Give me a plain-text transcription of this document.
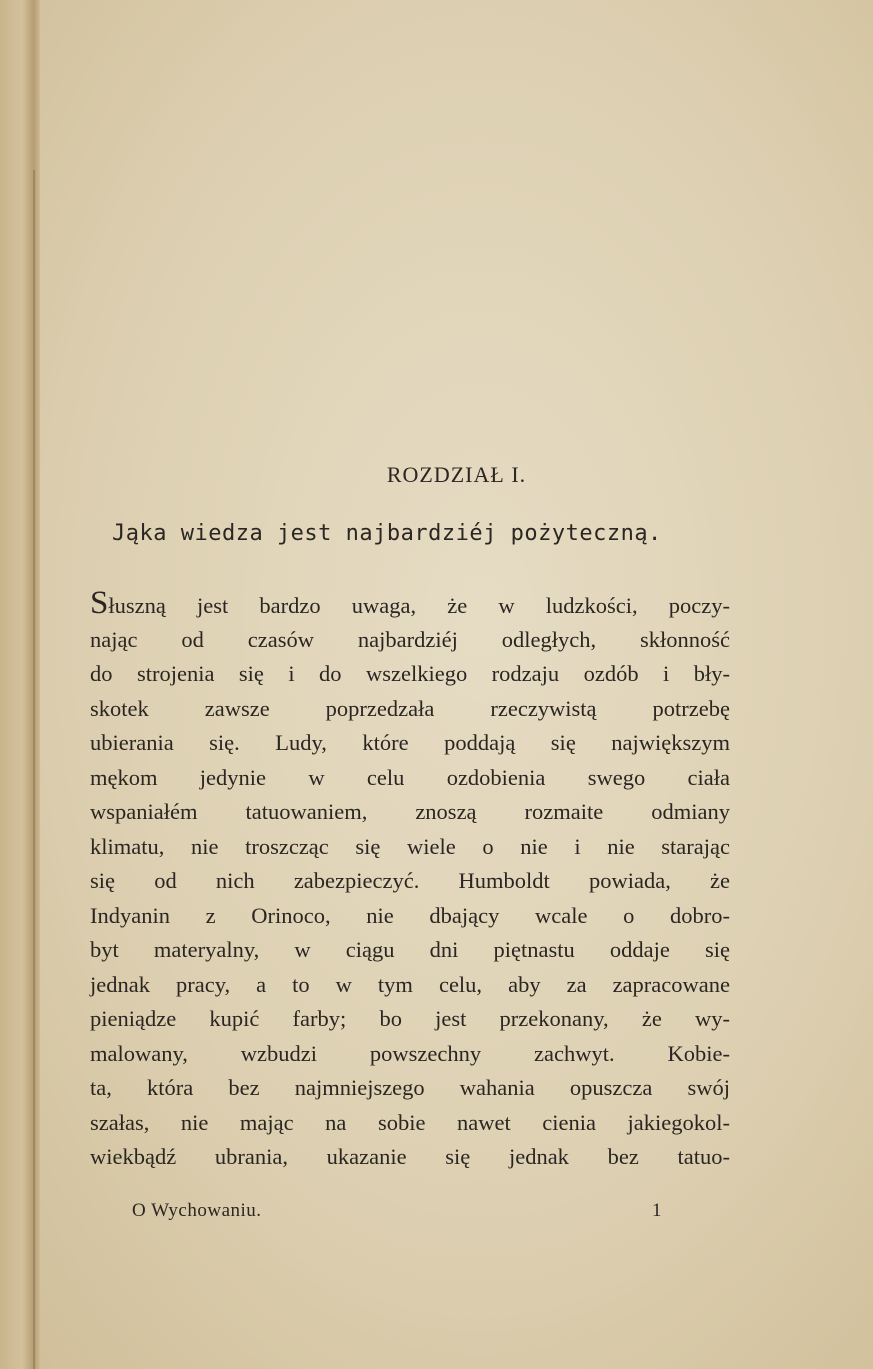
ROZDZIAŁ I.
Jąka wiedza jest najbardziéj pożyteczną.
Słuszną jest bardzo uwaga, że w ludzkości, poczy-
nając od czasów najbardziéj odległych, skłonność
do strojenia się i do wszelkiego rodzaju ozdób i bły-
skotek zawsze poprzedzała rzeczywistą potrzebę
ubierania się. Ludy, które poddają się największym
mękom jedynie w celu ozdobienia swego ciała
wspaniałém tatuowaniem, znoszą rozmaite odmiany
klimatu, nie troszcząc się wiele o nie i nie starając
się od nich zabezpieczyć. Humboldt powiada, że
Indyanin z Orinoco, nie dbający wcale o dobro-
byt materyalny, w ciągu dni piętnastu oddaje się
jednak pracy, a to w tym celu, aby za zapracowane
pieniądze kupić farby; bo jest przekonany, że wy-
malowany, wzbudzi powszechny zachwyt. Kobie-
ta, która bez najmniejszego wahania opuszcza swój
szałas, nie mając na sobie nawet cienia jakiegokol-
wiekbądź ubrania, ukazanie się jednak bez tatuo-
O Wychowaniu.	1
